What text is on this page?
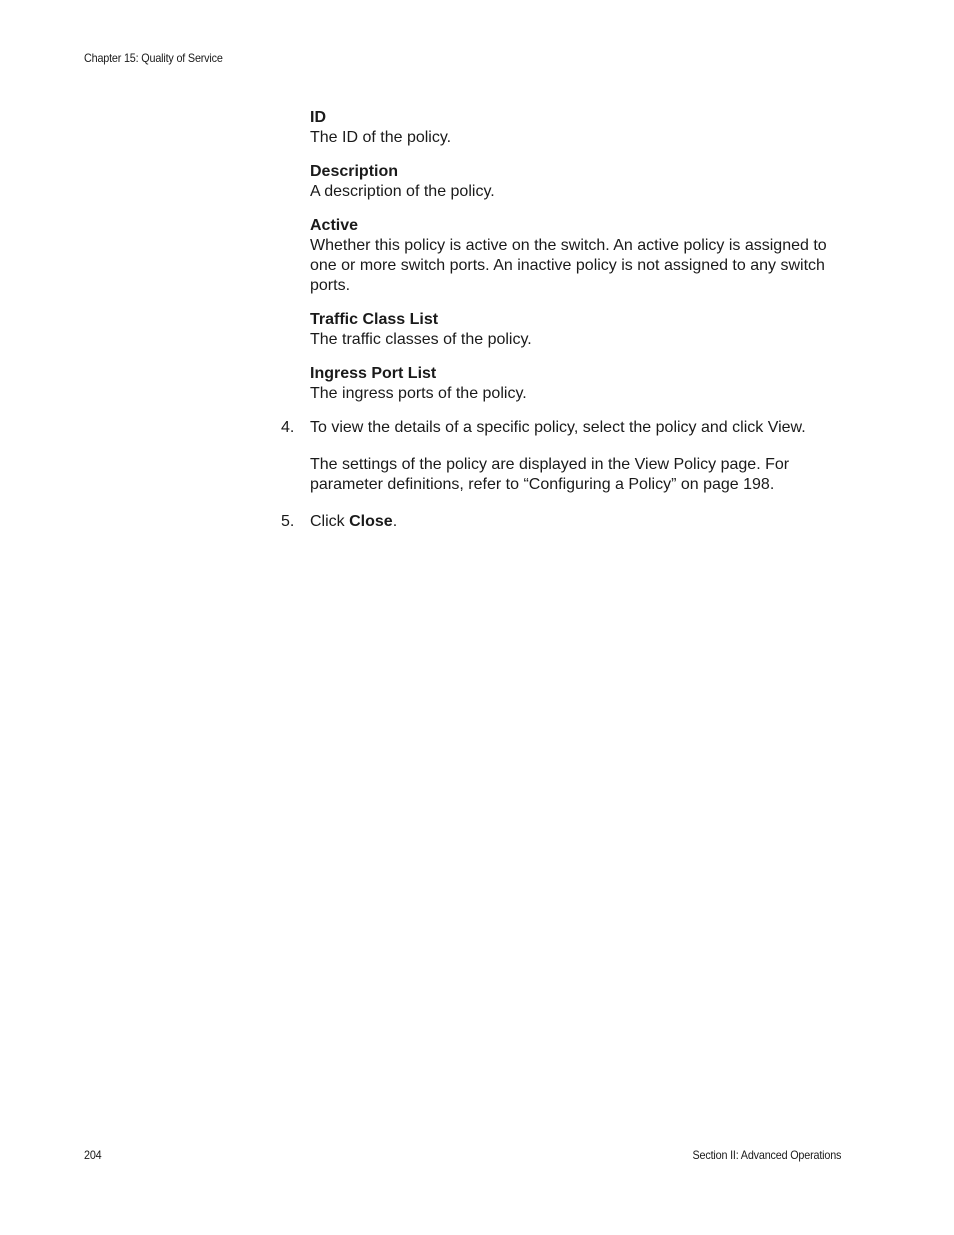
Chapter 15: Quality of Service
ID
The ID of the policy.
Description
A description of the policy.
Active
Whether this policy is active on the switch. An active policy is assigned to one or more switch ports. An inactive policy is not assigned to any switch ports.
Traffic Class List
The traffic classes of the policy.
Ingress Port List
The ingress ports of the policy.
4. To view the details of a specific policy, select the policy and click View.

The settings of the policy are displayed in the View Policy page. For parameter definitions, refer to “Configuring a Policy” on page 198.

5. Click Close.

204	Section II: Advanced Operations
